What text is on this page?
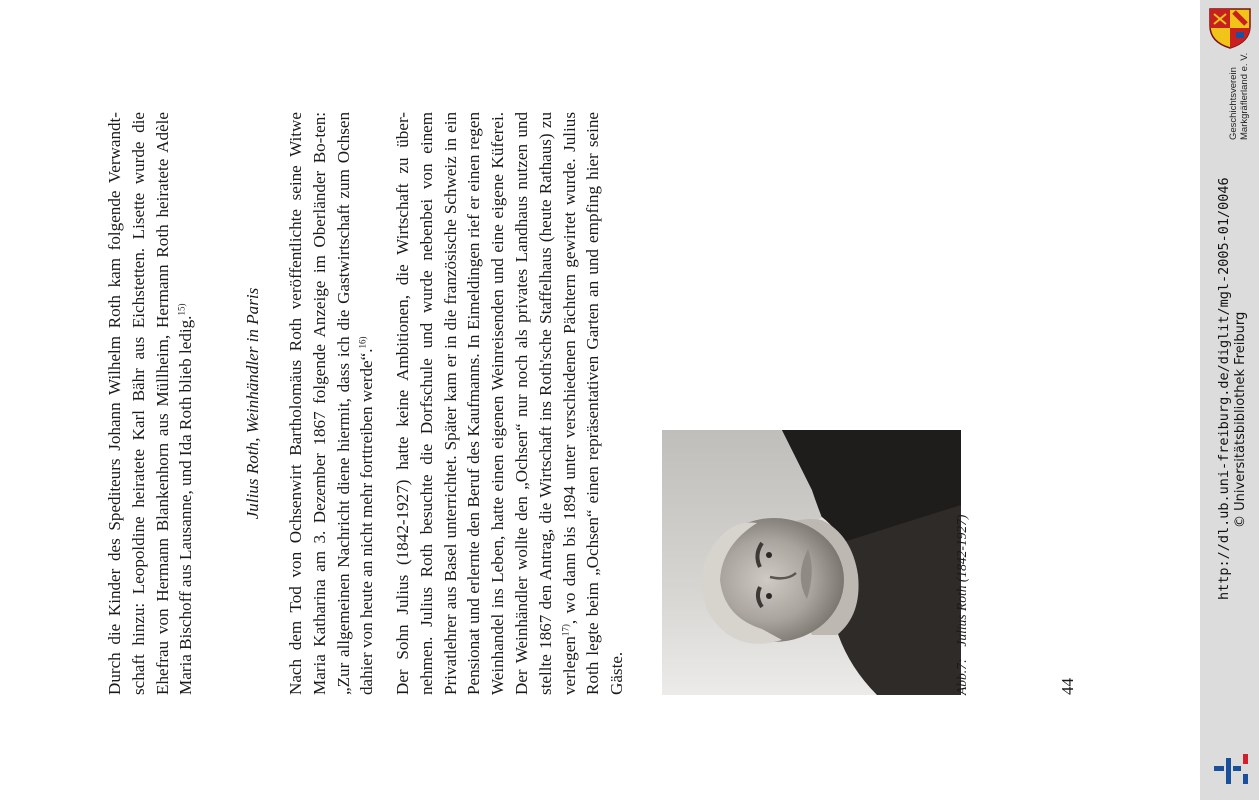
Durch die Kinder des Spediteurs Johann Wilhelm Roth kam folgende Verwandt- schaft hinzu: Leopoldine heiratete Karl Bähr aus Eichstetten. Lisette wurde die Ehefrau von Hermann Blankenhorn aus Müllheim, Hermann Roth heiratete Adèle Maria Bischoff aus Lausanne, und Ida Roth blieb ledig.$^{15)}$	Julius Roth, Weinhändler in Paris Nach dem Tod von Ochsenwirt Bartholomäus Roth veröffentlichte seine Witwe Maria Katharina am 3. Dezember 1867 folgende Anzeige im Oberländer Bo-ten: „Zur allgemeinen Nachricht diene hiermit, dass ich die Gastwirtschaft zum Ochsen dahier von heute an nicht mehr forttreiben werde“.$^{16)}$	Der Sohn Julius (1842-1927) hatte keine Ambitionen, die Wirtschaft zu über- nehmen. Julius Roth besuchte die Dorfschule und wurde nebenbei von einem Privatlehrer aus Basel unterrichtet. Später kam er in die französische Schweiz in ein Pensionat und erlernte den Beruf des Kaufmanns. In Eimeldingen rief er einen regen Weinhandel ins Leben, hatte einen eigenen Weinreisenden und eine eigene Küferei. Der Weinhändler wollte den „Ochsen“ nur noch als privates Landhaus nutzen und stellte 1867 den Antrag, die Wirtschaft ins Roth'sche Staffelhaus (heute Rathaus) zu verlegen$^{17)}$, wo dann bis 1894 unter verschiedenen Pächtern gewirtet wurde. Julius Roth legte beim „Ochsen“ einen repräsentativen Garten an und empfing hier seine Gäste.	Abb.7:Julius Roth (1842-1927)

44

http://dl.ub.uni-freiburg.de/diglit/mgl-2005-01/0046 © Universitätsbibliothek Freiburg

Geschichtsverein
Markgräflerland e. V.
